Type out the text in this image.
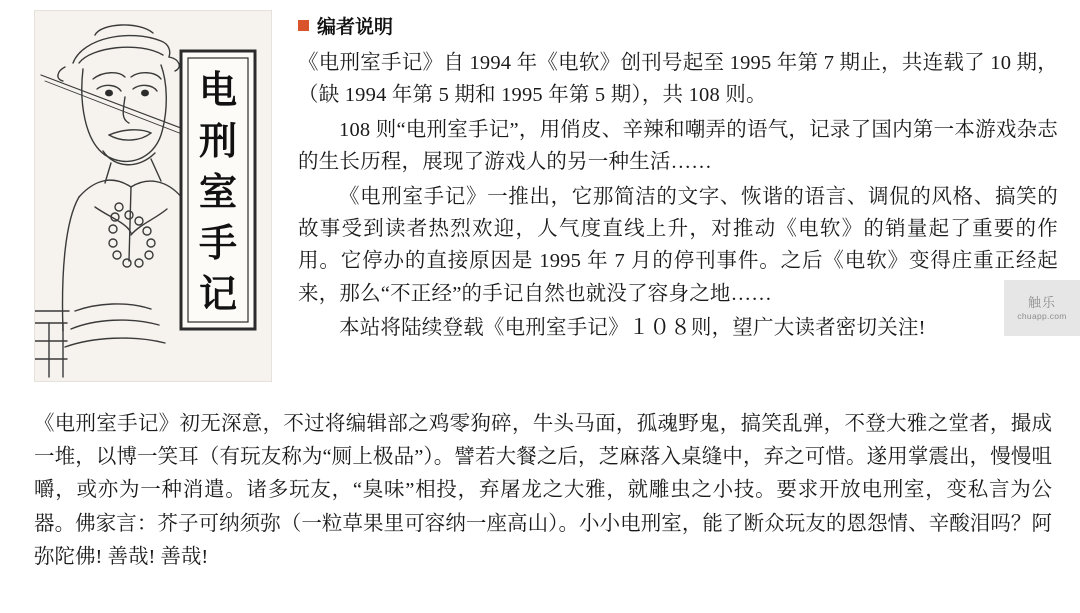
电
刑
室
手
记
编者说明

《电刑室手记》自 1994 年《电软》创刊号起至 1995 年第 7 期止，共连载了 10 期，（缺 1994 年第 5 期和 1995 年第 5 期），共 108 则。

108 则“电刑室手记”，用俏皮、辛辣和嘲弄的语气，记录了国内第一本游戏杂志的生长历程，展现了游戏人的另一种生活……

《电刑室手记》一推出，它那简洁的文字、恢谐的语言、调侃的风格、搞笑的故事受到读者热烈欢迎，人气度直线上升，对推动《电软》的销量起了重要的作用。它停办的直接原因是 1995 年 7 月的停刊事件。之后《电软》变得庄重正经起来，那么“不正经”的手记自然也就没了容身之地……

本站将陆续登载《电刑室手记》１０８则，望广大读者密切关注!

《电刑室手记》初无深意，不过将编辑部之鸡零狗碎，牛头马面，孤魂野鬼，搞笑乱弹，不登大雅之堂者，撮成一堆，以博一笑耳（有玩友称为“厕上极品”）。譬若大餐之后，芝麻落入桌缝中，弃之可惜。遂用掌震出，慢慢咀嚼，或亦为一种消遣。诸多玩友，“臭味”相投，弃屠龙之大雅，就雕虫之小技。要求开放电刑室，变私言为公器。佛家言：芥子可纳须弥（一粒草果里可容纳一座高山）。小小电刑室，能了断众玩友的恩怨情、辛酸泪吗？阿弥陀佛! 善哉! 善哉!
触乐
chuapp.com
